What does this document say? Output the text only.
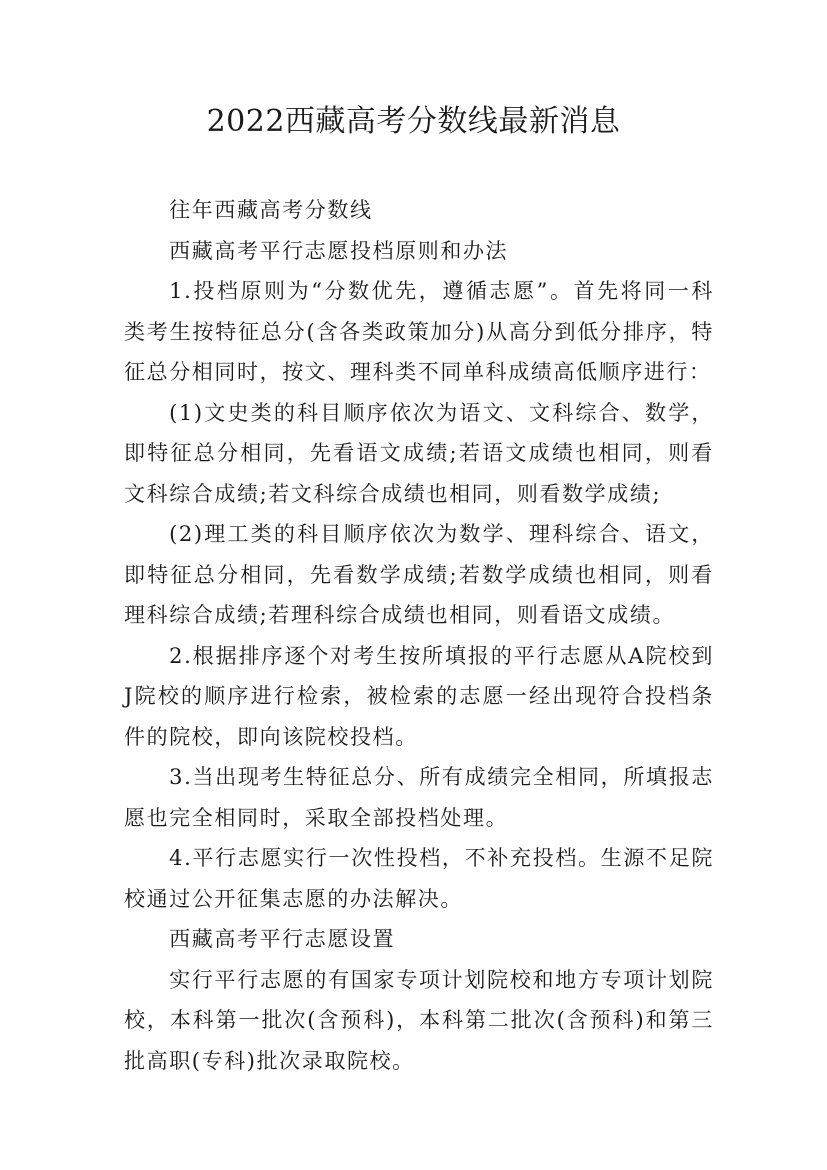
2022西藏高考分数线最新消息

往年西藏高考分数线

西藏高考平行志愿投档原则和办法

1.投档原则为“分数优先，遵循志愿”。首先将同一科类考生按特征总分(含各类政策加分)从高分到低分排序，特征总分相同时，按文、理科类不同单科成绩高低顺序进行：

(1)文史类的科目顺序依次为语文、文科综合、数学，即特征总分相同，先看语文成绩;若语文成绩也相同，则看文科综合成绩;若文科综合成绩也相同，则看数学成绩;

(2)理工类的科目顺序依次为数学、理科综合、语文，即特征总分相同，先看数学成绩;若数学成绩也相同，则看理科综合成绩;若理科综合成绩也相同，则看语文成绩。

2.根据排序逐个对考生按所填报的平行志愿从A院校到J院校的顺序进行检索，被检索的志愿一经出现符合投档条件的院校，即向该院校投档。

3.当出现考生特征总分、所有成绩完全相同，所填报志愿也完全相同时，采取全部投档处理。

4.平行志愿实行一次性投档，不补充投档。生源不足院校通过公开征集志愿的办法解决。

西藏高考平行志愿设置

实行平行志愿的有国家专项计划院校和地方专项计划院校，本科第一批次(含预科)，本科第二批次(含预科)和第三批高职(专科)批次录取院校。
